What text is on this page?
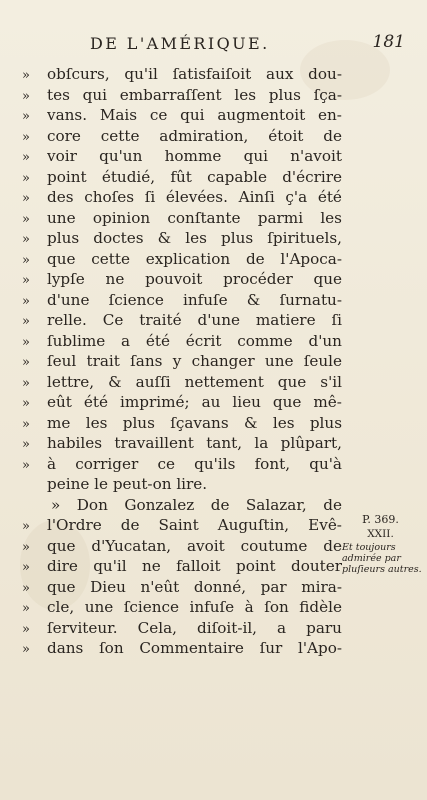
DE L'AMÉRIQUE.	181
»	obſcurs, qu'il ſatisfaiſoit aux dou-
»	tes qui embarraſſent les plus ſça-
»	vans. Mais ce qui augmentoit en-
»	core cette admiration, étoit de
»	voir qu'un homme qui n'avoit
»	point étudié, fût capable d'écrire
»	des choſes ſi élevées. Ainſi ç'a été
»	une opinion conſtante parmi les
»	plus doctes & les plus ſpirituels,
»	que cette explication de l'Apoca-
»	lypſe ne pouvoit procéder que
»	d'une ſcience infuſe & ſurnatu-
»	relle. Ce traité d'une matiere ſi
»	ſublime a été écrit comme d'un
»	ſeul trait ſans y changer une ſeule
»	lettre, & auſſi nettement que s'il
»	eût été imprimé; au lieu que mê-
»	me les plus ſçavans & les plus
»	habiles travaillent tant, la plûpart,
»	à corriger ce qu'ils font, qu'à
peine le peut-on lire.
» Don Gonzalez de Salazar, de
»	l'Ordre de Saint Auguſtin, Evê-
»	que d'Yucatan, avoit coutume de
»	dire qu'il ne falloit point douter
»	que Dieu n'eût donné, par mira-
»	cle, une ſcience infuſe à ſon fidèle
»	ſerviteur. Cela, diſoit-il, a paru
»	dans ſon Commentaire ſur l'Apo-
P. 369.
XXII.
Et toujours admirée par pluſieurs autres.
